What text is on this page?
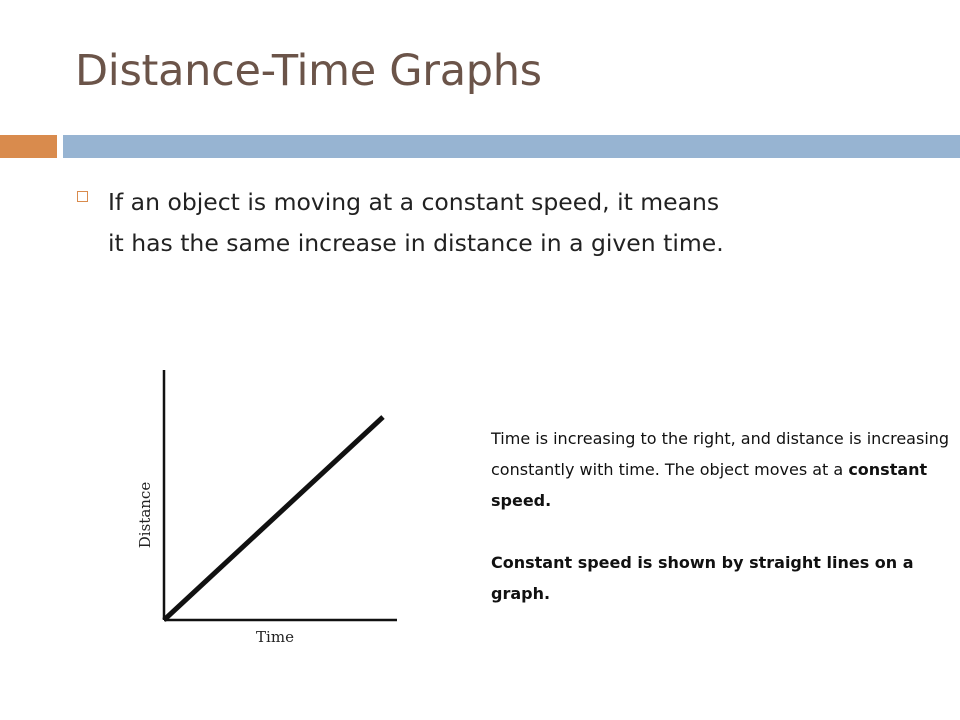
Distance-Time Graphs
If an object is moving at a constant speed, it means
it has the same increase in distance in a given time.
Time
Distance

Time is increasing to the right, and distance is increasing constantly with time. The object moves at a constant speed.

Constant speed is shown by straight lines on a graph.
